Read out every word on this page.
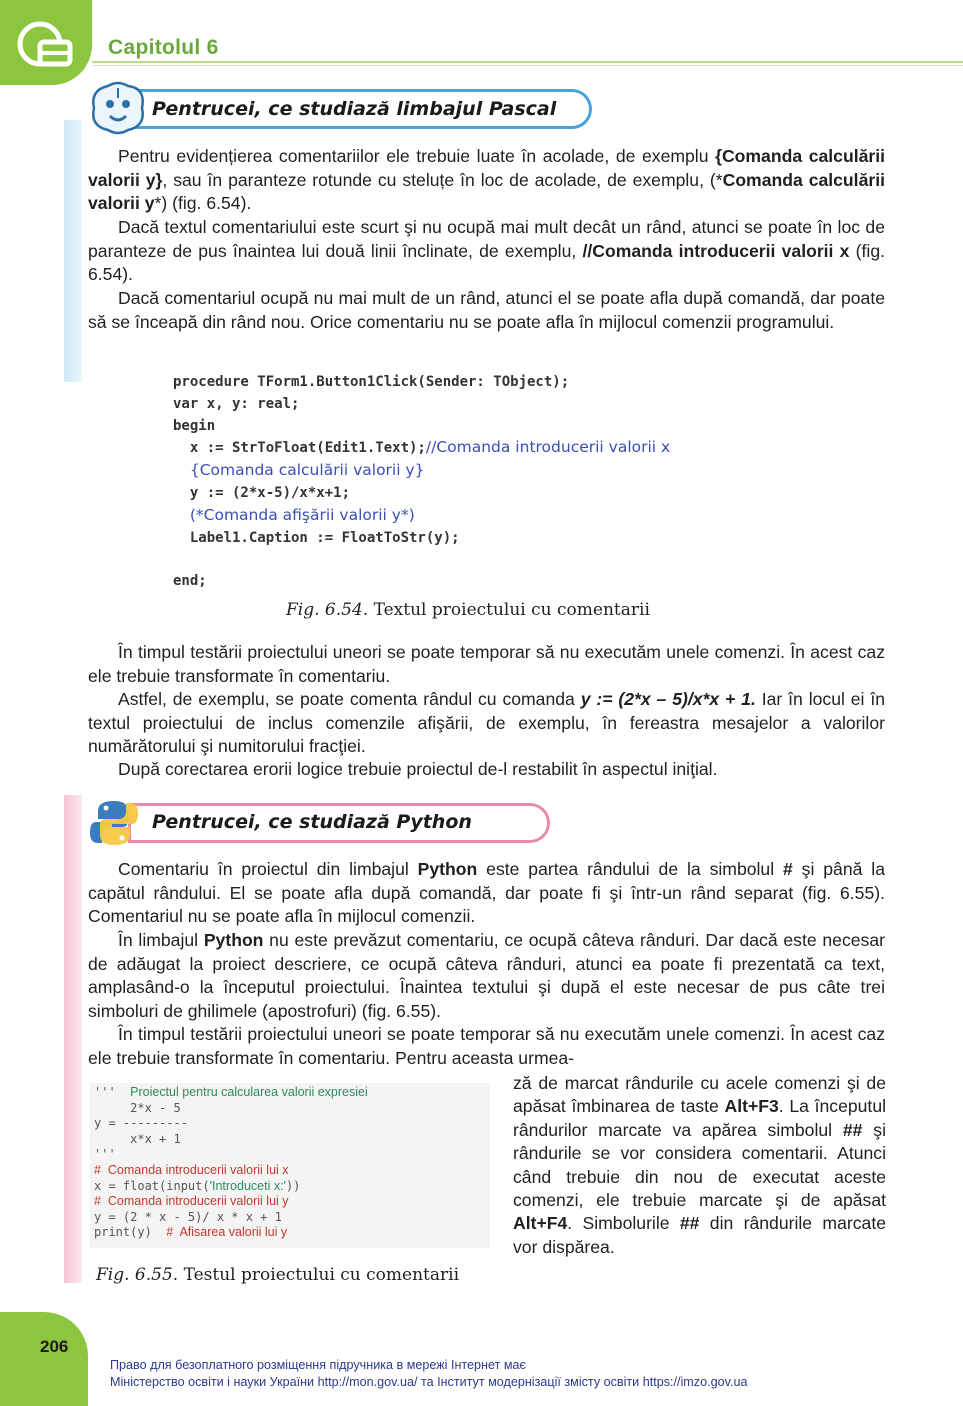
Capitolul 6
Pentrucei, ce studiază limbajul Pascal

Pentru evidențierea comentariilor ele trebuie luate în acolade, de exemplu {Comanda calculării valorii y}, sau în paranteze rotunde cu steluțe în loc de acolade, de exemplu, (*Comanda calculării valorii y*) (fig. 6.54).

Dacă textul comentariului este scurt şi nu ocupă mai mult decât un rând, atunci se poate în loc de paranteze de pus înaintea lui două linii înclinate, de exemplu, //Comanda introducerii valorii x (fig. 6.54).

Dacă comentariul ocupă nu mai mult de un rând, atunci el se poate afla după comandă, dar poate să se înceapă din rând nou. Orice comentariu nu se poate afla în mijlocul comenzii programului.

procedure TForm1.Button1Click(Sender: TObject);
var x, y: real;
begin
x := StrToFloat(Edit1.Text);//Comanda introducerii valorii x
{Comanda calculării valorii y}
y := (2*x-5)/x*x+1;
(*Comanda afişării valorii y*)
Label1.Caption := FloatToStr(y);

end;
Fig. 6.54. Textul proiectului cu comentarii

În timpul testării proiectului uneori se poate temporar să nu executăm unele comenzi. În acest caz ele trebuie transformate în comentariu.

Astfel, de exemplu, se poate comenta rândul cu comanda y := (2*x – 5)/x*x + 1. Iar în locul ei în textul proiectului de inclus comenzile afişării, de exemplu, în fereastra mesajelor a valorilor numărătorului şi numitorului fracţiei.

După corectarea erorii logice trebuie proiectul de-l restabilit în aspectul iniţial.

Pentrucei, ce studiază Python

Comentariu în proiectul din limbajul Python este partea rândului de la simbolul # şi până la capătul rândului. El se poate afla după comandă, dar poate fi şi într-un rând separat (fig. 6.55). Comentariul nu se poate afla în mijlocul comenzii.

În limbajul Python nu este prevăzut comentariu, ce ocupă câteva rânduri. Dar dacă este necesar de adăugat la proiect descriere, ce ocupă câteva rânduri, atunci ea poate fi prezentată ca text, amplasând-o la începutul proiectului. Înaintea textului şi după el este necesar de pus câte trei simboluri de ghilimele (apostrofuri) (fig. 6.55).

În timpul testării proiectului uneori se poate temporar să nu executăm unele comenzi. În acest caz ele trebuie transformate în comentariu. Pentru aceasta urmea-

''' Proiectul pentru calcularea valorii expresiei
2*x - 5
y = ---------
x*x + 1
'''
#  Comanda introducerii valorii lui x
x = float(input('Introduceti x:'))
#  Comanda introducerii valorii lui y
y = (2 * x - 5)/ x * x + 1
print(y)  #  Afisarea valorii lui y
Fig. 6.55. Testul proiectului cu comentarii

ză de marcat rândurile cu acele comenzi şi de apăsat îmbinarea de taste Alt+F3. La începutul rândurilor marcate va apărea simbolul ## şi rândurile se vor considera comentarii. Atunci când trebuie din nou de executat aceste comenzi, ele trebuie marcate şi de apăsat Alt+F4. Simbolurile ## din rândurile marcate vor dispărea.

206
Право для безоплатного розміщення підручника в мережі Інтернет має
Міністерство освіти і науки України http://mon.gov.ua/ та Інститут модернізації змісту освіти https://imzo.gov.ua
